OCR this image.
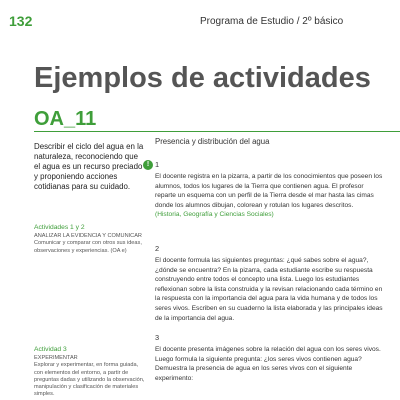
132	Programa de Estudio / 2º básico
Ejemplos de actividades
OA_11

Describir el ciclo del agua en la naturaleza, reconociendo que el agua es un recurso preciado y proponiendo acciones cotidianas para su cuidado.

Actividades 1 y 2

ANALIZAR LA EVIDENCIA Y COMUNICAR
Comunicar y comparar con otros sus ideas, observaciones y experiencias. (OA e)

Actividad 3

EXPERIMENTAR
Explorar y experimentar, en forma guiada, con elementos del entorno, a partir de preguntas dadas y utilizando la observación, manipulación y clasificación de materiales simples.

Presencia y distribución del agua

! 1

El docente registra en la pizarra, a partir de los conocimientos que poseen los alumnos, todos los lugares de la Tierra que contienen agua. El profesor reparte un esquema con un perfil de la Tierra desde el mar hasta las cimas donde los alumnos dibujan, colorean y rotulan los lugares descritos.

(Historia, Geografía y Ciencias Sociales)

2

El docente formula las siguientes preguntas: ¿qué sabes sobre el agua?, ¿dónde se encuentra? En la pizarra, cada estudiante escribe su respuesta construyendo entre todos el concepto una lista. Luego los estudiantes reflexionan sobre la lista construida y la revisan relacionando cada término en la respuesta con la importancia del agua para la vida humana y de todos los seres vivos. Escriben en su cuaderno la lista elaborada y las principales ideas de la importancia del agua.

3

El docente presenta imágenes sobre la relación del agua con los seres vivos. Luego formula la siguiente pregunta: ¿los seres vivos contienen agua? Demuestra la presencia de agua en los seres vivos con el siguiente experimento:
